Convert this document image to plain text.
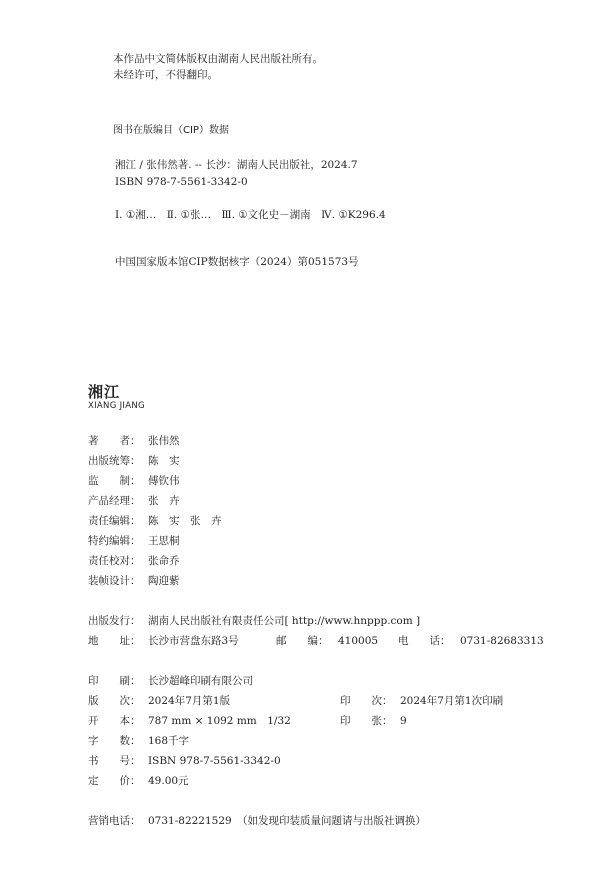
本作品中文简体版权由湖南人民出版社所有。
未经许可，不得翻印。
图书在版编目（CIP）数据
湘江 / 张伟然著. -- 长沙：湖南人民出版社，2024.7
ISBN 978-7-5561-3342-0
Ⅰ. ①湘…　Ⅱ. ①张…　Ⅲ. ①文化史－湖南　Ⅳ. ①K296.4
中国国家版本馆CIP数据核字（2024）第051573号
湘江
XIANG JIANG
著　　者： 张伟然
出版统筹： 陈　实
监　　制： 傅钦伟
产品经理： 张　卉
责任编辑： 陈　实　张　卉
特约编辑： 王思桐
责任校对： 张命乔
装帧设计： 陶迎紫
出版发行： 湖南人民出版社有限责任公司[ http://www.hnppp.com ]
地　　址： 长沙市营盘东路3号	邮　　编： 410005 电　　话： 0731-82683313
印　　刷： 长沙超峰印刷有限公司
版　　次： 2024年7月第1版	印　　次： 2024年7月第1次印刷
开　　本： 787 mm × 1092 mm　1/32	印　　张： 9
字　　数： 168千字
书　　号： ISBN 978-7-5561-3342-0
定　　价： 49.00元
营销电话： 0731-82221529　（如发现印装质量问题请与出版社调换）
